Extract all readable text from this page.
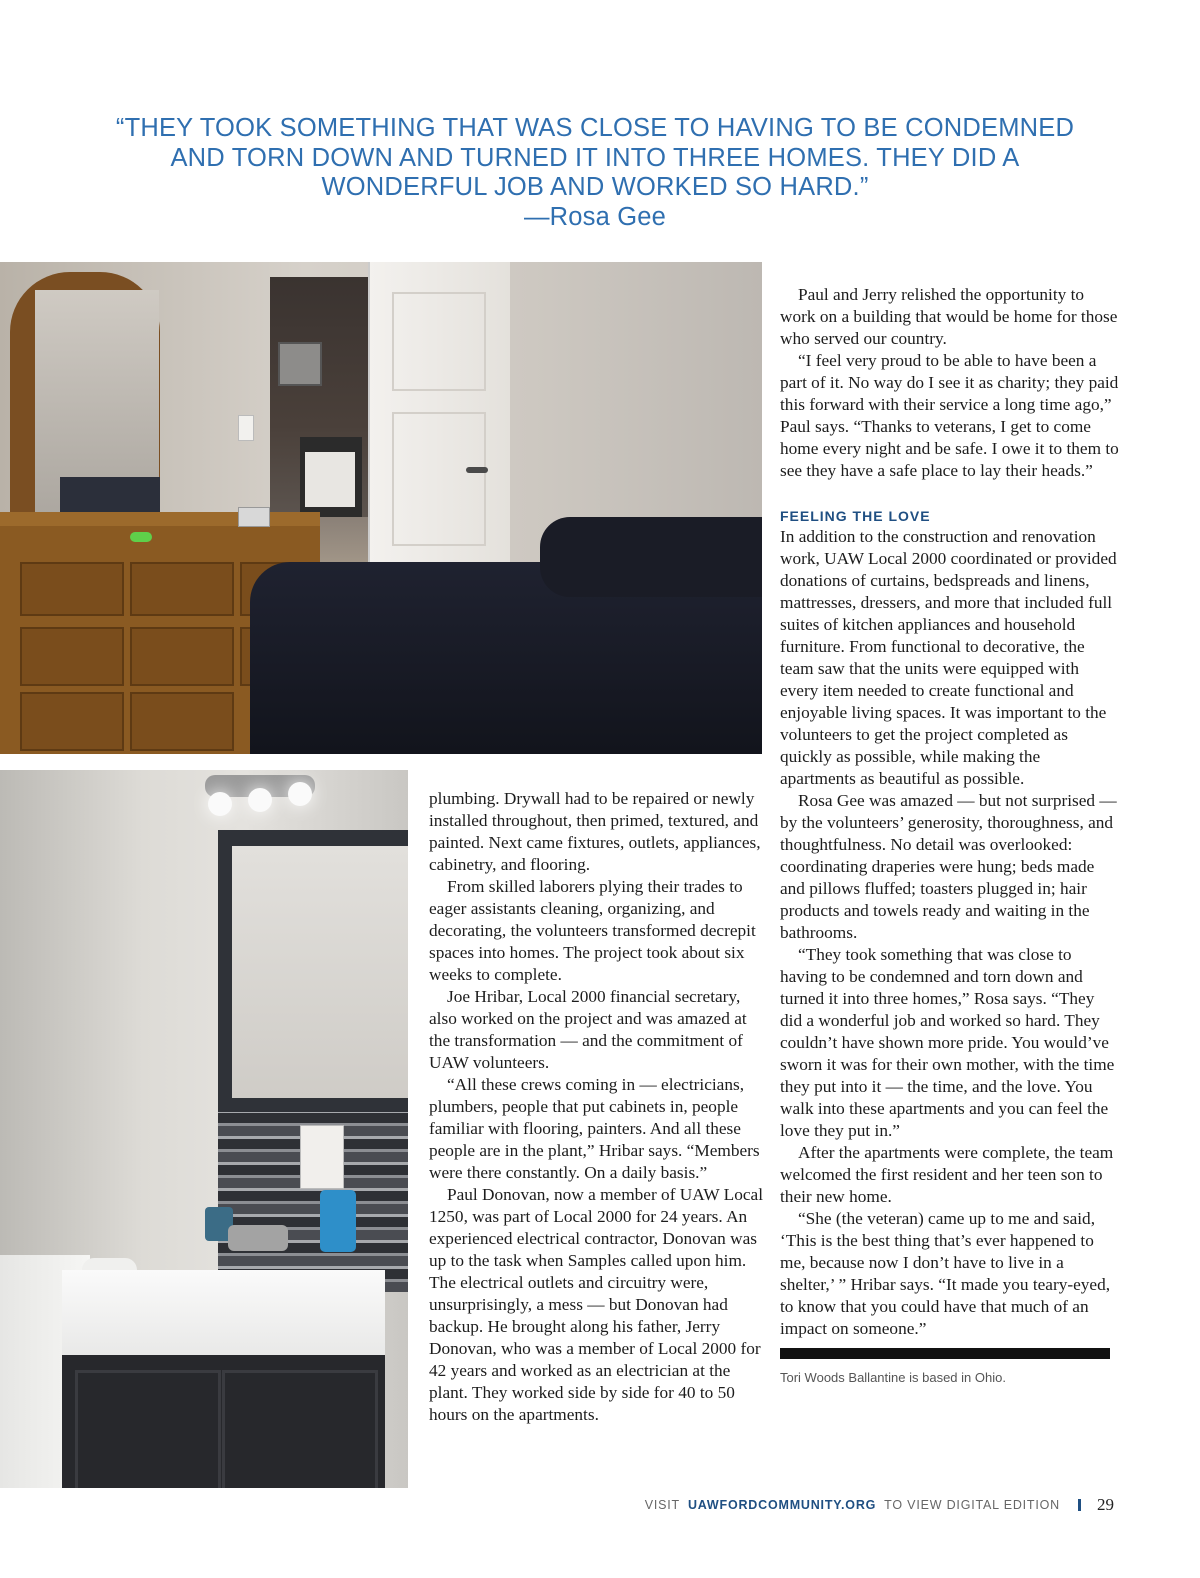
“THEY TOOK SOMETHING THAT WAS CLOSE TO HAVING TO BE CONDEMNED
AND TORN DOWN AND TURNED IT INTO THREE HOMES. THEY DID A
WONDERFUL JOB AND WORKED SO HARD.”
—Rosa Gee

plumbing. Drywall had to be repaired or newly installed throughout, then primed, textured, and painted. Next came fixtures, outlets, appliances, cabinetry, and flooring.

From skilled laborers plying their trades to eager assistants cleaning, organizing, and decorating, the volunteers transformed decrepit spaces into homes. The project took about six weeks to complete.

Joe Hribar, Local 2000 financial secretary, also worked on the project and was amazed at the transformation — and the commitment of UAW volunteers.

“All these crews coming in — electricians, plumbers, people that put cabinets in, people familiar with flooring, painters. And all these people are in the plant,” Hribar says. “Members were there constantly. On a daily basis.”

Paul Donovan, now a member of UAW Local 1250, was part of Local 2000 for 24 years. An experienced electrical contractor, Donovan was up to the task when Samples called upon him. The electrical outlets and circuitry were, unsurprisingly, a mess — but Donovan had backup. He brought along his father, Jerry Donovan, who was a member of Local 2000 for 42 years and worked as an electrician at the plant. They worked side by side for 40 to 50 hours on the apartments.

Paul and Jerry relished the opportunity to work on a building that would be home for those who served our country.

“I feel very proud to be able to have been a part of it. No way do I see it as charity; they paid this forward with their service a long time ago,” Paul says. “Thanks to veterans, I get to come home every night and be safe. I owe it to them to see they have a safe place to lay their heads.”

FEELING THE LOVE

In addition to the construction and renovation work, UAW Local 2000 coordinated or provided donations of curtains, bedspreads and linens, mattresses, dressers, and more that included full suites of kitchen appliances and household furniture. From functional to decorative, the team saw that the units were equipped with every item needed to create functional and enjoyable living spaces. It was important to the volunteers to get the project completed as quickly as possible, while making the apartments as beautiful as possible.

Rosa Gee was amazed — but not surprised — by the volunteers’ generosity, thoroughness, and thoughtfulness. No detail was overlooked: coordinating draperies were hung; beds made and pillows fluffed; toasters plugged in; hair products and towels ready and waiting in the bathrooms.

“They took something that was close to having to be condemned and torn down and turned it into three homes,” Rosa says. “They did a wonderful job and worked so hard. They couldn’t have shown more pride. You would’ve sworn it was for their own mother, with the time they put into it — the time, and the love. You walk into these apartments and you can feel the love they put in.”

After the apartments were complete, the team welcomed the first resident and her teen son to their new home.

“She (the veteran) came up to me and said, ‘This is the best thing that’s ever happened to me, because now I don’t have to live in a shelter,’ ” Hribar says. “It made you teary-eyed, to know that you could have that much of an impact on someone.”

Tori Woods Ballantine is based in Ohio.
VISIT UAWFORDCOMMUNITY.ORG TO VIEW DIGITAL EDITION 29
